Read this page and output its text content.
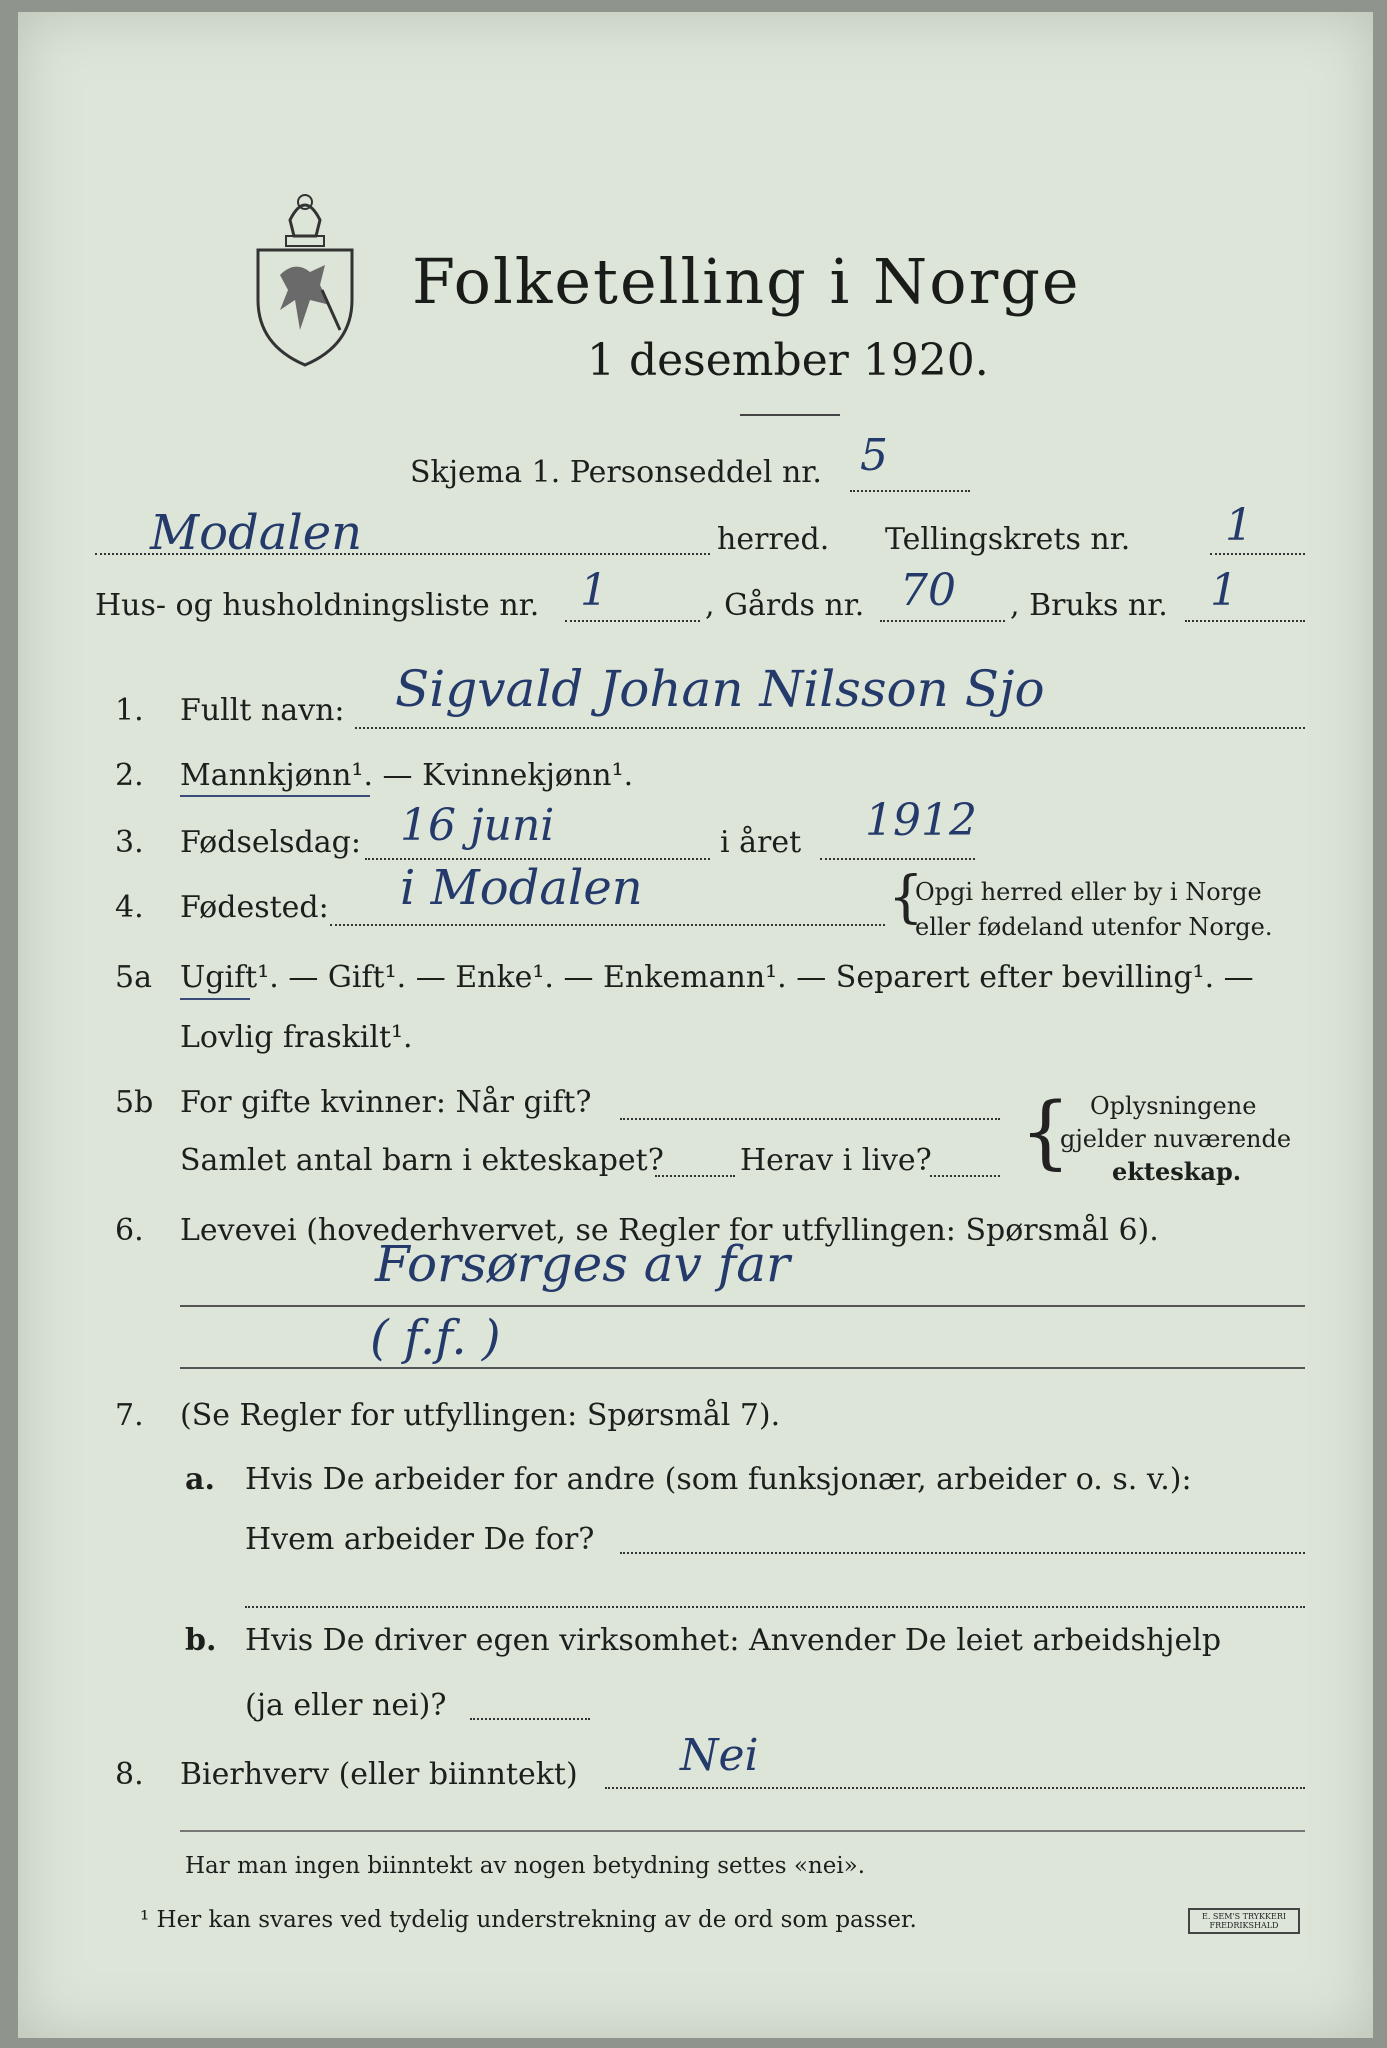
Folketelling i Norge
1 desember 1920.
Skjema 1. Personseddel nr. 5
Modalen	herred. Tellingskrets nr. 1
Hus- og husholdningsliste nr. 1	, Gårds nr. 70 , Bruks nr. 1
1. Fullt navn: Sigvald Johan Nilsson Sjo
2. Mannkjønn¹. — Kvinnekjønn¹.
3. Fødselsdag: 16 juni	i året 1912
4. Fødested: i Modalen	{
Opgi herred eller by i Norge
eller fødeland utenfor Norge.
5a Ugift¹. — Gift¹. — Enke¹. — Enkemann¹. — Separert efter bevilling¹. —
Lovlig fraskilt¹.
5b For gifte kvinner: Når gift?
Samlet antal barn i ekteskapet?	Herav i live? { Oplysningene
gjelder nuværende
ekteskap.
6. Levevei (hovederhvervet, se Regler for utfyllingen: Spørsmål 6).
Forsørges av far
( f.f. )
7. (Se Regler for utfyllingen: Spørsmål 7).
a. Hvis De arbeider for andre (som funksjonær, arbeider o. s. v.):
Hvem arbeider De for?
b. Hvis De driver egen virksomhet: Anvender De leiet arbeidshjelp
(ja eller nei)?
8. Bierhverv (eller biinntekt) Nei
Har man ingen biinntekt av nogen betydning settes «nei».
¹ Her kan svares ved tydelig understrekning av de ord som passer.	E. SEM'S TRYKKERI FREDRIKSHALD
